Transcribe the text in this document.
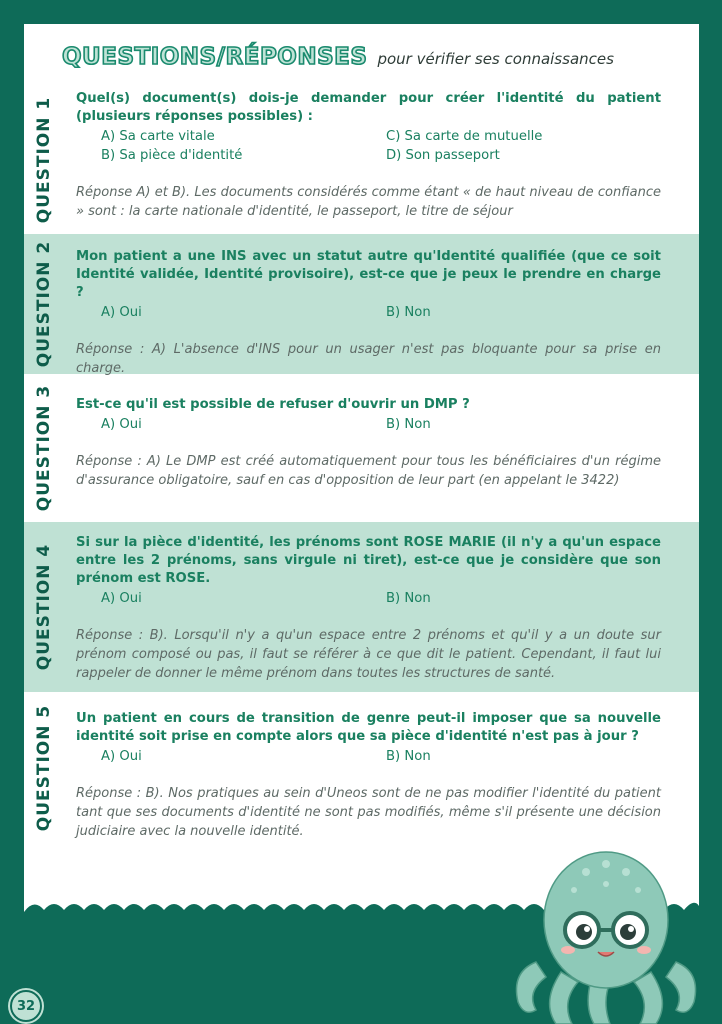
QUESTIONS/RÉPONSES pour vérifier ses connaissances
QUESTION 1 Quel(s) document(s) dois-je demander pour créer l'identité du patient (plusieurs réponses possibles) :
A) Sa carte vitale	C) Sa carte de mutuelle
B) Sa pièce d'identité	D) Son passeport
Réponse A) et B). Les documents considérés comme étant « de haut niveau de confiance » sont : la carte nationale d'identité, le passeport, le titre de séjour
QUESTION 2 Mon patient a une INS avec un statut autre qu'Identité qualifiée (que ce soit Identité validée, Identité provisoire), est-ce que je peux le prendre en charge ?
A) Oui	B) Non
Réponse : A) L'absence d'INS pour un usager n'est pas bloquante pour sa prise en charge.
QUESTION 3 Est-ce qu'il est possible de refuser d'ouvrir un DMP ?
A) Oui	B) Non
Réponse : A) Le DMP est créé automatiquement pour tous les bénéficiaires d'un régime d'assurance obligatoire, sauf en cas d'opposition de leur part (en appelant le 3422)
QUESTION 4
Si sur la pièce d'identité, les prénoms sont ROSE MARIE (il n'y a qu'un espace entre les 2 prénoms, sans virgule ni tiret), est-ce que je considère que son prénom est ROSE.
A) Oui	B) Non
Réponse : B). Lorsqu'il n'y a qu'un espace entre 2 prénoms et qu'il y a un doute sur prénom composé ou pas, il faut se référer à ce que dit le patient. Cependant, il faut lui rappeler de donner le même prénom dans toutes les structures de santé.
QUESTION 5 Un patient en cours de transition de genre peut-il imposer que sa nouvelle identité soit prise en compte alors que sa pièce d'identité n'est pas à jour ?
A) Oui	B) Non
Réponse : B). Nos pratiques au sein d'Uneos sont de ne pas modifier l'identité du patient tant que ses documents d'identité ne sont pas modifiés, même s'il présente une décision judiciaire avec la nouvelle identité.
32
